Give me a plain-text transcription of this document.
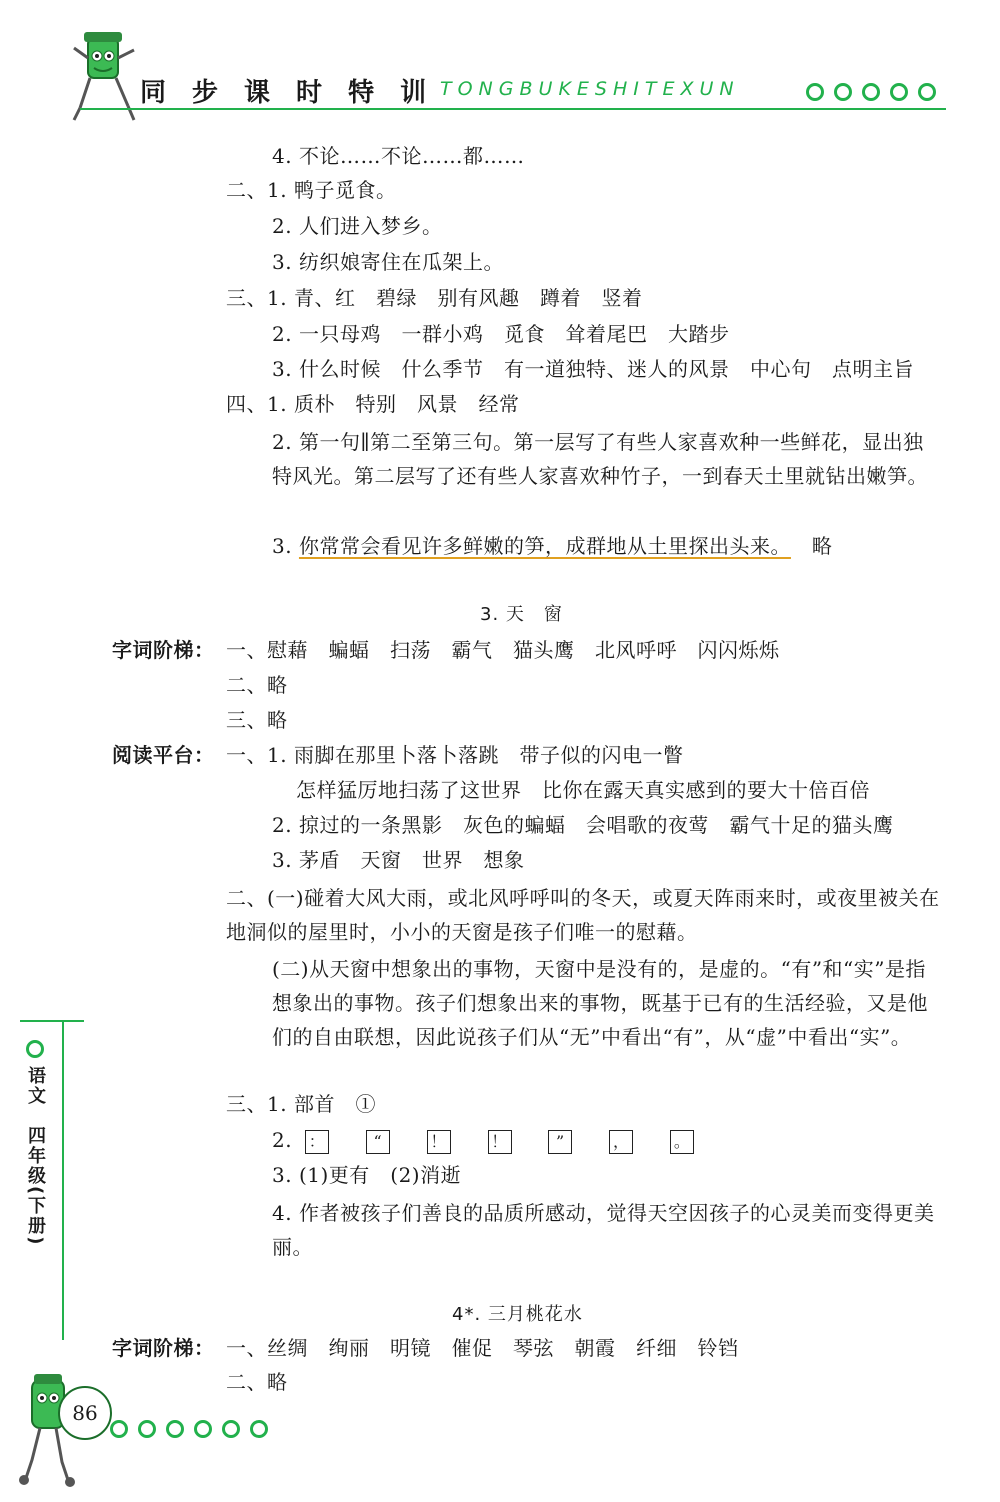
同 步 课 时 特 训 TONGBUKESHITEXUN
4. 不论……不论……都……
二、1. 鸭子觅食。
2. 人们进入梦乡。
3. 纺织娘寄住在瓜架上。
三、1. 青、红　碧绿　别有风趣　蹲着　竖着
2. 一只母鸡　一群小鸡　觅食　耸着尾巴　大踏步
3. 什么时候　什么季节　有一道独特、迷人的风景　中心句　点明主旨
四、1. 质朴　特别　风景　经常
2. 第一句∥第二至第三句。第一层写了有些人家喜欢种一些鲜花，显出独特风光。第二层写了还有些人家喜欢种竹子，一到春天土里就钻出嫩笋。
3. 你常常会看见许多鲜嫩的笋，成群地从土里探出头来。 略
3. 天　窗
字词阶梯： 一、慰藉　蝙蝠　扫荡　霸气　猫头鹰　北风呼呼　闪闪烁烁
二、略
三、略
阅读平台： 一、1. 雨脚在那里卜落卜落跳　带子似的闪电一瞥
怎样猛厉地扫荡了这世界　比你在露天真实感到的要大十倍百倍
2. 掠过的一条黑影　灰色的蝙蝠　会唱歌的夜莺　霸气十足的猫头鹰
3. 茅盾　天窗　世界　想象
二、(一)碰着大风大雨，或北风呼呼叫的冬天，或夏天阵雨来时，或夜里被关在地洞似的屋里时，小小的天窗是孩子们唯一的慰藉。
(二)从天窗中想象出的事物，天窗中是没有的，是虚的。“有”和“实”是指想象出的事物。孩子们想象出来的事物，既基于已有的生活经验，又是他们的自由联想，因此说孩子们从“无”中看出“有”，从“虚”中看出“实”。
三、1. 部首　①
2. ：	“	！	！	”	，	。
3. (1)更有　(2)消逝
4. 作者被孩子们善良的品质所感动，觉得天空因孩子的心灵美而变得更美丽。
4*. 三月桃花水
字词阶梯： 一、丝绸　绚丽　明镜　催促　琴弦　朝霞　纤细　铃铛
二、略
语文　四年级(下册)
86
